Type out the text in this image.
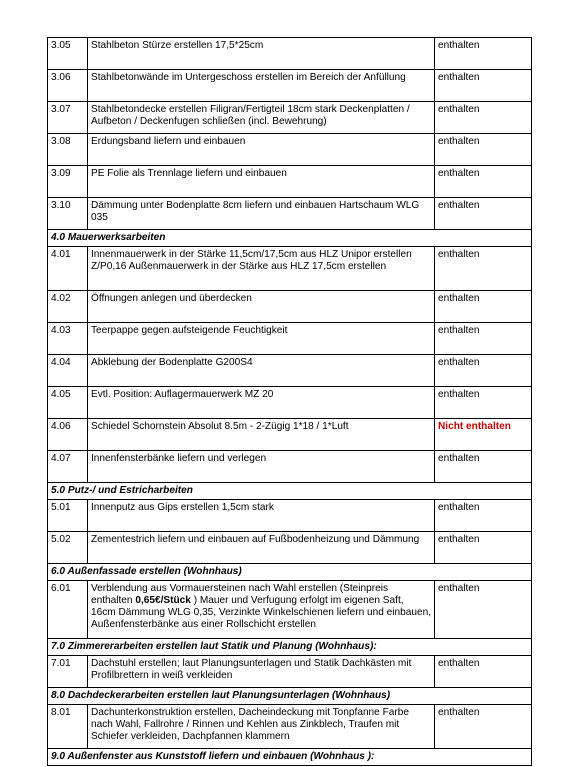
3.05	Stahlbeton Stürze erstellen 17,5*25cm	enthalten
3.06	Stahlbetonwände im Untergeschoss erstellen im Bereich der Anfüllung	enthalten
3.07	Stahlbetondecke erstellen Filigran/Fertigteil 18cm stark Deckenplatten / Aufbeton / Deckenfugen schließen (incl. Bewehrung)	enthalten
3.08	Erdungsband liefern und einbauen	enthalten
3.09	PE Folie als Trennlage liefern und einbauen	enthalten
3.10	Dämmung unter Bodenplatte 8cm liefern und einbauen Hartschaum WLG 035	enthalten
4.0 Mauerwerksarbeiten		
4.01	Innenmauerwerk in der Stärke 11,5cm/17,5cm aus HLZ Unipor erstellen Z/P0,16 Außenmauerwerk in der Stärke aus HLZ 17,5cm erstellen	enthalten
4.02	Öffnungen anlegen und überdecken	enthalten
4.03	Teerpappe gegen aufsteigende Feuchtigkeit	enthalten
4.04	Abklebung der Bodenplatte G200S4	enthalten
4.05	Evtl. Position: Auflagermauerwerk MZ 20	enthalten
4.06	Schiedel Schornstein Absolut 8.5m - 2-Zügig 1*18 / 1*Luft	Nicht enthalten
4.07	Innenfensterbänke liefern und verlegen	enthalten
5.0 Putz-/ und Estricharbeiten		
5.01	Innenputz aus Gips erstellen 1,5cm stark	enthalten
5.02	Zementestrich liefern und einbauen auf Fußbodenheizung und Dämmung	enthalten
6.0 Außenfassade erstellen (Wohnhaus)		
6.01	Verblendung aus Vormauersteinen nach Wahl erstellen (Steinpreis enthalten 0,65€/Stück ) Mauer und Verfugung erfolgt im eigenen Saft, 16cm Dämmung WLG 0,35, Verzinkte Winkelschienen liefern und einbauen, Außenfensterbänke aus einer Rollschicht erstellen	enthalten
7.0 Zimmererarbeiten erstellen laut Statik und Planung (Wohnhaus):		
7.01	Dachstuhl erstellen; laut Planungsunterlagen und Statik Dachkästen mit Profilbrettern in weiß verkleiden	enthalten
8.0 Dachdeckerarbeiten erstellen laut Planungsunterlagen (Wohnhaus)		
8.01	Dachunterkonstruktion erstellen, Dacheindeckung mit Tonpfanne Farbe nach Wahl, Fallrohre / Rinnen und Kehlen aus Zinkblech, Traufen mit Schiefer verkleiden, Dachpfannen klammern	enthalten
9.0 Außenfenster aus Kunststoff liefern und einbauen (Wohnhaus ):		
